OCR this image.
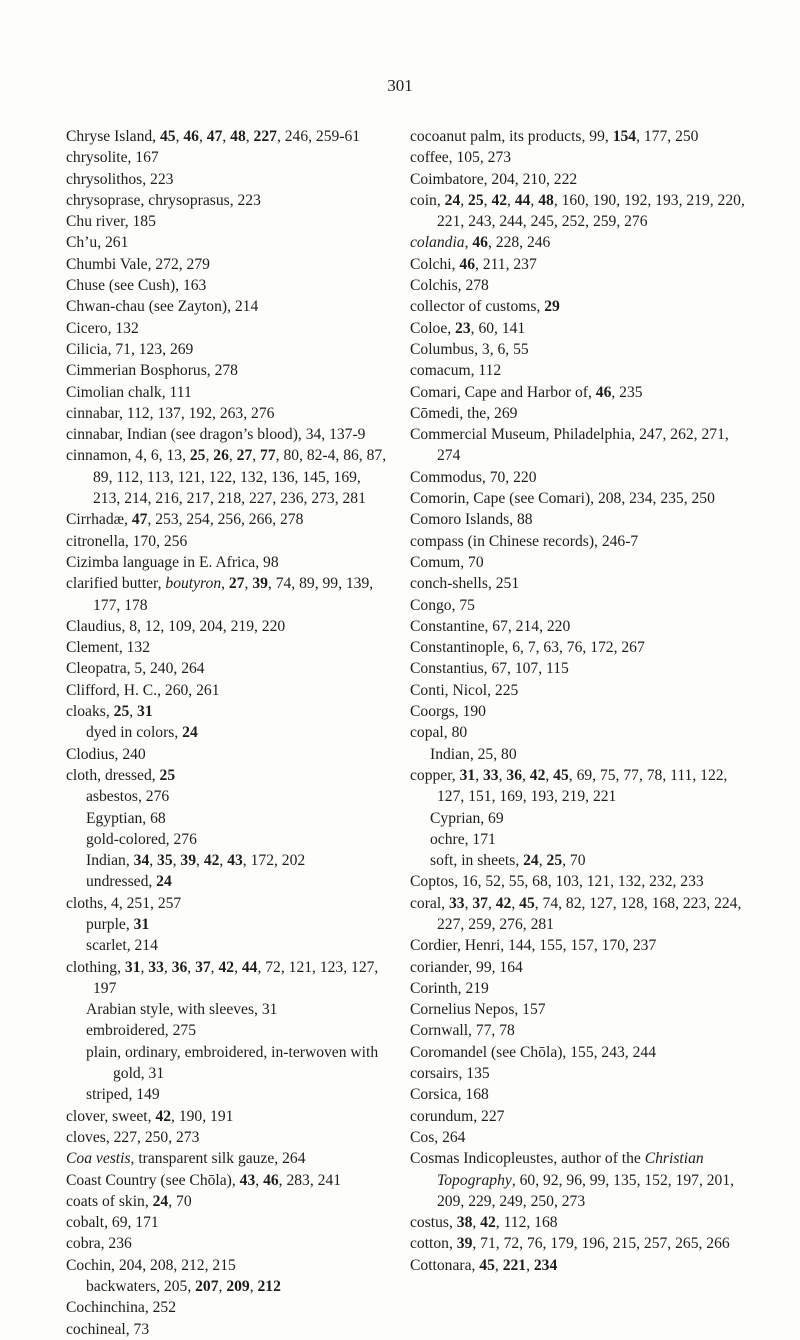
301
Chryse Island, 45, 46, 47, 48, 227, 246, 259-61
chrysolite, 167
chrysolithos, 223
chrysoprase, chrysoprasus, 223
Chu river, 185
Ch’u, 261
Chumbi Vale, 272, 279
Chuse (see Cush), 163
Chwan-chau (see Zayton), 214
Cicero, 132
Cilicia, 71, 123, 269
Cimmerian Bosphorus, 278
Cimolian chalk, 111
cinnabar, 112, 137, 192, 263, 276
cinnabar, Indian (see dragon’s blood), 34, 137-9
cinnamon, 4, 6, 13, 25, 26, 27, 77, 80, 82-4, 86, 87, 89, 112, 113, 121, 122, 132, 136, 145, 169, 213, 214, 216, 217, 218, 227, 236, 273, 281
Cirrhadæ, 47, 253, 254, 256, 266, 278
citronella, 170, 256
Cizimba language in E. Africa, 98
clarified butter, boutyron, 27, 39, 74, 89, 99, 139, 177, 178
Claudius, 8, 12, 109, 204, 219, 220
Clement, 132
Cleopatra, 5, 240, 264
Clifford, H. C., 260, 261
cloaks, 25, 31
dyed in colors, 24
Clodius, 240
cloth, dressed, 25
asbestos, 276
Egyptian, 68
gold-colored, 276
Indian, 34, 35, 39, 42, 43, 172, 202
undressed, 24
cloths, 4, 251, 257
purple, 31
scarlet, 214
clothing, 31, 33, 36, 37, 42, 44, 72, 121, 123, 127, 197
Arabian style, with sleeves, 31
embroidered, 275
plain, ordinary, embroidered, in-terwoven with gold, 31
striped, 149
clover, sweet, 42, 190, 191
cloves, 227, 250, 273
Coa vestis, transparent silk gauze, 264
Coast Country (see Chōla), 43, 46, 283, 241
coats of skin, 24, 70
cobalt, 69, 171
cobra, 236
Cochin, 204, 208, 212, 215
backwaters, 205, 207, 209, 212
Cochinchina, 252
cochineal, 73
cocoanut palm, its products, 99, 154, 177, 250
coffee, 105, 273
Coimbatore, 204, 210, 222
coin, 24, 25, 42, 44, 48, 160, 190, 192, 193, 219, 220, 221, 243, 244, 245, 252, 259, 276
colandia, 46, 228, 246
Colchi, 46, 211, 237
Colchis, 278
collector of customs, 29
Coloe, 23, 60, 141
Columbus, 3, 6, 55
comacum, 112
Comari, Cape and Harbor of, 46, 235
Cōmedi, the, 269
Commercial Museum, Philadelphia, 247, 262, 271, 274
Commodus, 70, 220
Comorin, Cape (see Comari), 208, 234, 235, 250
Comoro Islands, 88
compass (in Chinese records), 246-7
Comum, 70
conch-shells, 251
Congo, 75
Constantine, 67, 214, 220
Constantinople, 6, 7, 63, 76, 172, 267
Constantius, 67, 107, 115
Conti, Nicol, 225
Coorgs, 190
copal, 80
Indian, 25, 80
copper, 31, 33, 36, 42, 45, 69, 75, 77, 78, 111, 122, 127, 151, 169, 193, 219, 221
Cyprian, 69
ochre, 171
soft, in sheets, 24, 25, 70
Coptos, 16, 52, 55, 68, 103, 121, 132, 232, 233
coral, 33, 37, 42, 45, 74, 82, 127, 128, 168, 223, 224, 227, 259, 276, 281
Cordier, Henri, 144, 155, 157, 170, 237
coriander, 99, 164
Corinth, 219
Cornelius Nepos, 157
Cornwall, 77, 78
Coromandel (see Chōla), 155, 243, 244
corsairs, 135
Corsica, 168
corundum, 227
Cos, 264
Cosmas Indicopleustes, author of the Christian Topography, 60, 92, 96, 99, 135, 152, 197, 201, 209, 229, 249, 250, 273
costus, 38, 42, 112, 168
cotton, 39, 71, 72, 76, 179, 196, 215, 257, 265, 266
Cottonara, 45, 221, 234
